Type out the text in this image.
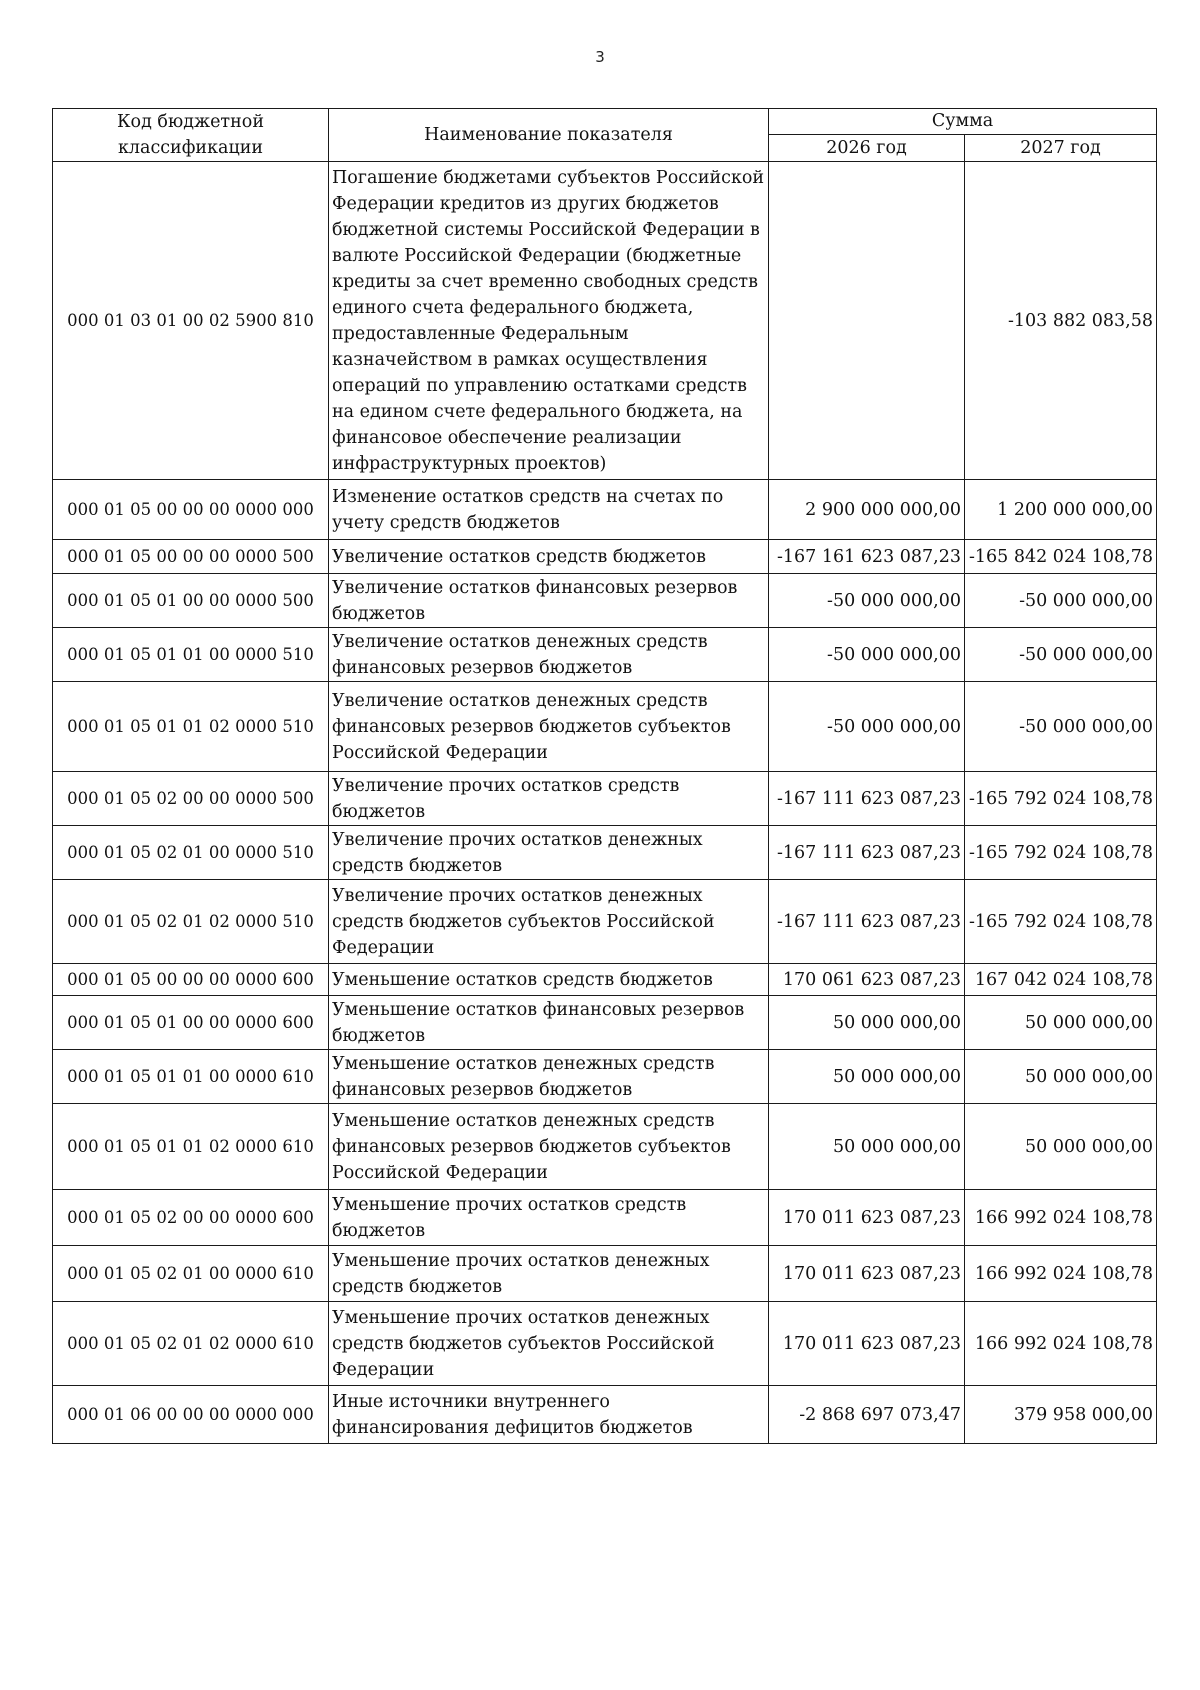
3
Код бюджетной классификации	Наименование показателя	Сумма	
		2026 год	2027 год
000 01 03 01 00 02 5900 810	Погашение бюджетами субъектов Российской Федерации кредитов из других бюджетов бюджетной системы Российской Федерации в валюте Российской Федерации (бюджетные кредиты за счет временно свободных средств единого счета федерального бюджета, предоставленные Федеральным казначейством в рамках осуществления операций по управлению остатками средств на едином счете федерального бюджета, на финансовое обеспечение реализации инфраструктурных проектов)		-103 882 083,58
000 01 05 00 00 00 0000 000	Изменение остатков средств на счетах по учету средств бюджетов	2 900 000 000,00	1 200 000 000,00
000 01 05 00 00 00 0000 500	Увеличение остатков средств бюджетов	-167 161 623 087,23	-165 842 024 108,78
000 01 05 01 00 00 0000 500	Увеличение остатков финансовых резервов бюджетов	-50 000 000,00	-50 000 000,00
000 01 05 01 01 00 0000 510	Увеличение остатков денежных средств финансовых резервов бюджетов	-50 000 000,00	-50 000 000,00
000 01 05 01 01 02 0000 510	Увеличение остатков денежных средств финансовых резервов бюджетов субъектов Российской Федерации	-50 000 000,00	-50 000 000,00
000 01 05 02 00 00 0000 500	Увеличение прочих остатков средств бюджетов	-167 111 623 087,23	-165 792 024 108,78
000 01 05 02 01 00 0000 510	Увеличение прочих остатков денежных средств бюджетов	-167 111 623 087,23	-165 792 024 108,78
000 01 05 02 01 02 0000 510	Увеличение прочих остатков денежных средств бюджетов субъектов Российской Федерации	-167 111 623 087,23	-165 792 024 108,78
000 01 05 00 00 00 0000 600	Уменьшение остатков средств бюджетов	170 061 623 087,23	167 042 024 108,78
000 01 05 01 00 00 0000 600	Уменьшение остатков финансовых резервов бюджетов	50 000 000,00	50 000 000,00
000 01 05 01 01 00 0000 610	Уменьшение остатков денежных средств финансовых резервов бюджетов	50 000 000,00	50 000 000,00
000 01 05 01 01 02 0000 610	Уменьшение остатков денежных средств финансовых резервов бюджетов субъектов Российской Федерации	50 000 000,00	50 000 000,00
000 01 05 02 00 00 0000 600	Уменьшение прочих остатков средств бюджетов	170 011 623 087,23	166 992 024 108,78
000 01 05 02 01 00 0000 610	Уменьшение прочих остатков денежных средств бюджетов	170 011 623 087,23	166 992 024 108,78
000 01 05 02 01 02 0000 610	Уменьшение прочих остатков денежных средств бюджетов субъектов Российской Федерации	170 011 623 087,23	166 992 024 108,78
000 01 06 00 00 00 0000 000	Иные источники внутреннего финансирования дефицитов бюджетов	-2 868 697 073,47	379 958 000,00
